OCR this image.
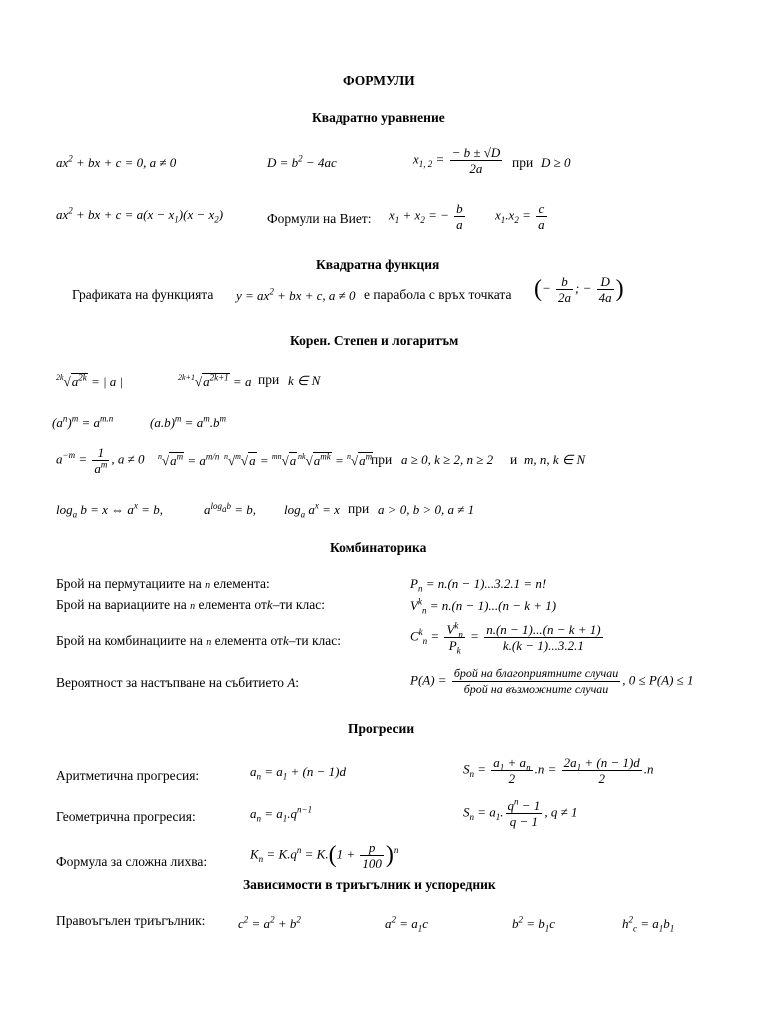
ФОРМУЛИ
Квадратно уравнение
$ax^2$ + bx + c = 0, a ≠ 0	$D = b^2 - 4ac$	$x_{1, 2} = \frac{- b \pm √D}{2a}$ при D ≥ 0
$ax^2$ + bx + $c = a(x - x_1)(x - x_2)$	Формули на Виет: $x_1 + x_2$ = − $\frac{b}{a} x_1.x_2 = \frac{c}{a}$
Квадратна функция
Графиката на функцията $y = ax^2$ + bx + c, a ≠ 0 е парабола с връх точката (− $\frac{b}{2a}$ ; − $\frac{D}{4a}$ )
Корен. Степен и логаритъм
$^{2k}√a^{2k}$ = | a |	$^{2k+1}√a^{2k+1} = a$ при k ∈ N
$(a^n)^m = a^{m.n}$	$(a.b)^m = a^m.b^m$
$a^{-m} = \frac{1}{a^m}$ , a ≠ 0 $^n√a^m = a^{m/n}$ $^n$√$^m$√a = $^{mn}$√a $^{nk}√a^{mk} = ^n√a^m$
при a ≥ 0, k ≥ 2, n ≥ 2 и m, n, k ∈ N
$\log_a b = x$ ⇔ $a^x = b$,	$a^{log_ab} = b$, $\log_a a^x = x$ при a > 0, b > 0, a ≠ 1
Комбинаторика
Брой на пермутациите на n елемента:	$P_n = n.(n - 1)...3.2.1 = n$!
Брой на вариациите на n елемента отk–ти клас:	$V^k_n = n.(n - 1)...(n - k + 1)$
Брой на комбинациите на n елемента отk–ти клас:	$C^k_n = \frac{V^k_n}{P_k} = \frac{n.(n - 1)...(n - k + 1)}{k.(k - 1)...3.2.1}$
Вероятност за настъпване на събитието A:	$P(A) = \frac{\text{брой на благоприятните случаи}}{\text{брой на възможните случаи}}$ , 0 ≤ P(A) ≤ 1
Прогресии
Аритметична прогресия:	$a_n = a_1 + (n - 1)d$	$S_n = \frac{a_1 + a_n}{2} .n = \frac{2a_1 + (n - 1)d}{2} .n$
Геометрична прогресия:	$a_n = a_1.q^{n-1}$	$S_n = a_1$. $\frac{q^n - 1}{q - 1}$ , q ≠ 1
Формула за сложна лихва:
$K_n = K.q^n = K.(1 + \frac{p}{100} )^n$
Зависимости в триъгълник и успоредник
Правоъгълен триъгълник:	$c^2 = a^2 + b^2$	$a^2 = a_1c$	$b^2 = b_1c$	$h^2_c = a_1b_1$
